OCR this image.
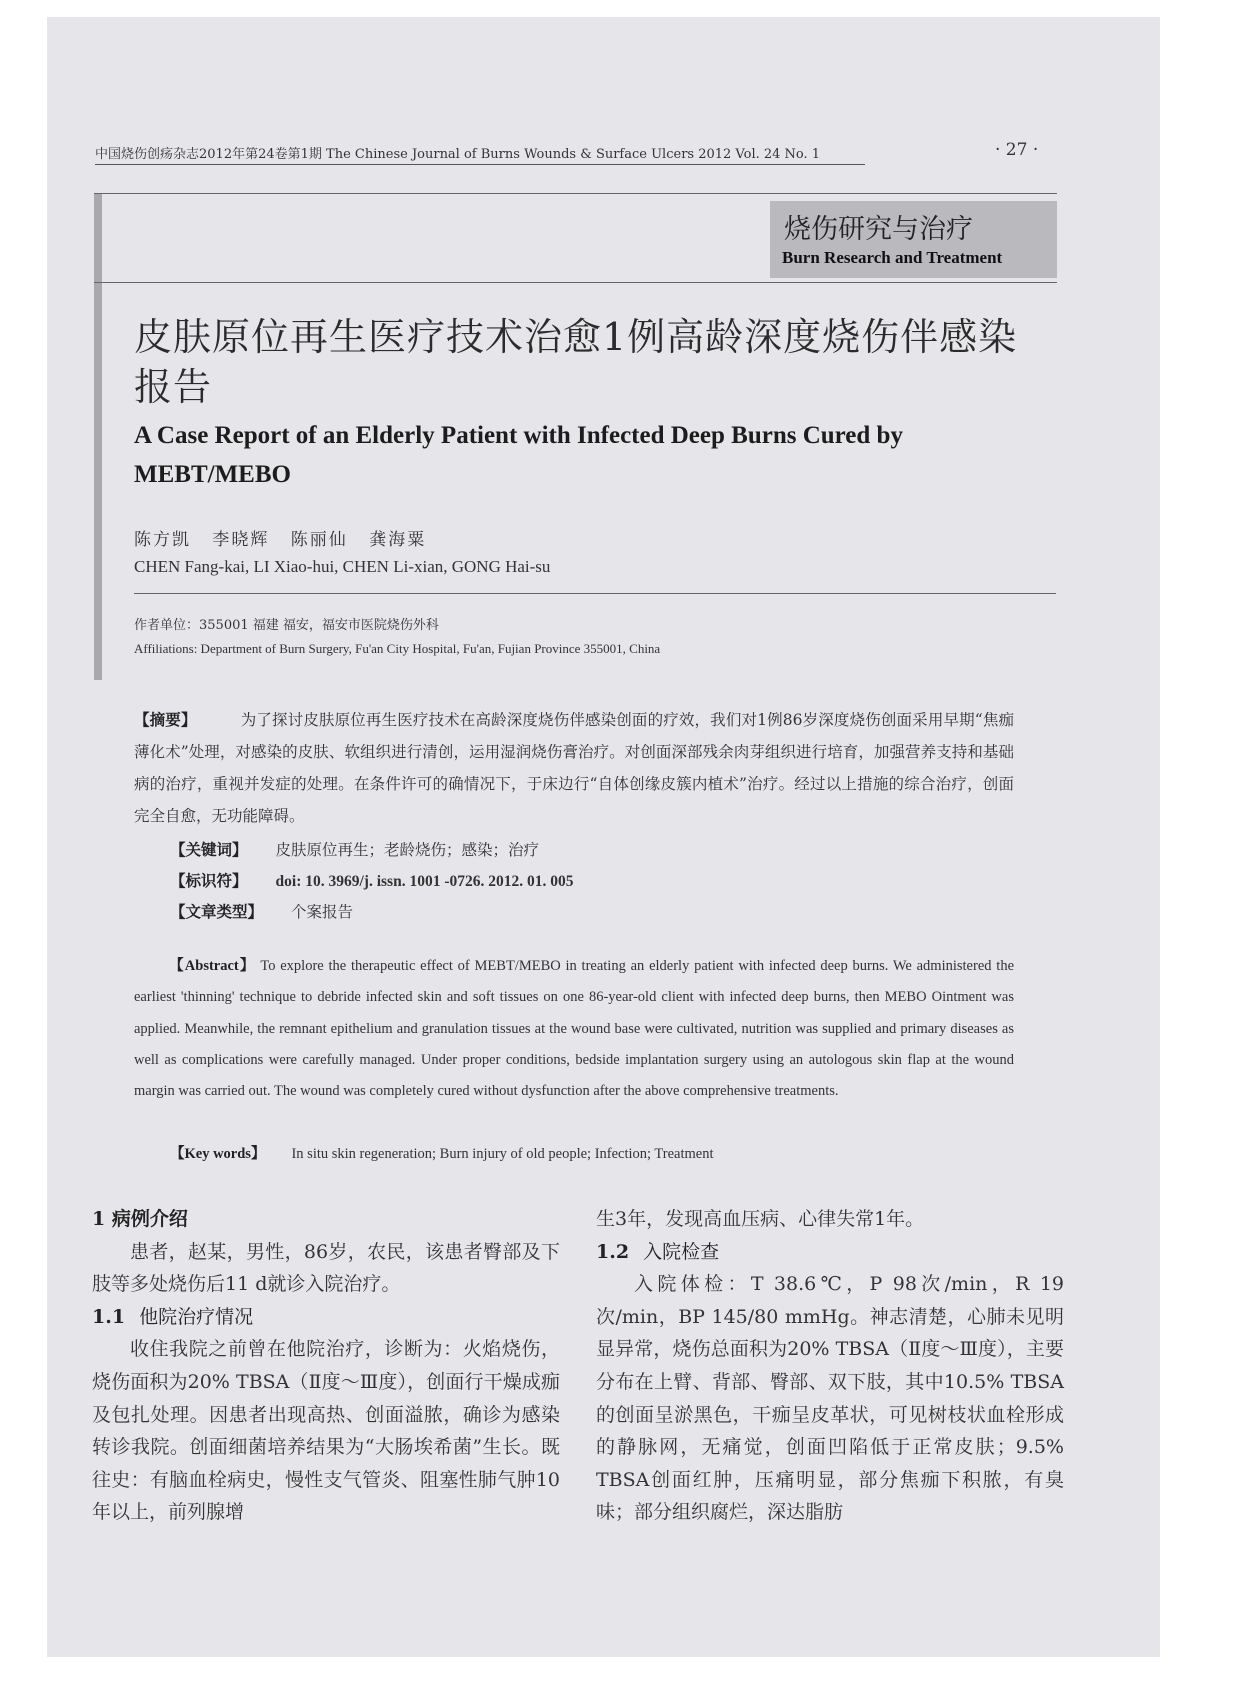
中国烧伤创疡杂志2012年第24卷第1期 The Chinese Journal of Burns Wounds & Surface Ulcers 2012 Vol. 24 No. 1	· 27 ·
烧伤研究与治疗
Burn Research and Treatment
皮肤原位再生医疗技术治愈1例高龄深度烧伤伴感染报告
A Case Report of an Elderly Patient with Infected Deep Burns Cured by MEBT/MEBO
陈方凯 李晓辉 陈丽仙 龚海粟
CHEN Fang-kai, LI Xiao-hui, CHEN Li-xian, GONG Hai-su
作者单位：355001 福建 福安，福安市医院烧伤外科
Affiliations: Department of Burn Surgery, Fu'an City Hospital, Fu'an, Fujian Province 355001, China
【摘要】	为了探讨皮肤原位再生医疗技术在高龄深度烧伤伴感染创面的疗效，我们对1例86岁深度烧伤创面采用早期“焦痂薄化术”处理，对感染的皮肤、软组织进行清创，运用湿润烧伤膏治疗。对创面深部残余肉芽组织进行培育，加强营养支持和基础病的治疗，重视并发症的处理。在条件许可的确情况下，于床边行“自体创缘皮簇内植术”治疗。经过以上措施的综合治疗，创面完全自愈，无功能障碍。
【关键词】 皮肤原位再生；老龄烧伤；感染；治疗
【标识符】 doi: 10. 3969/j. issn. 1001 -0726. 2012. 01. 005
【文章类型】 个案报告
【Abstract】 To explore the therapeutic effect of MEBT/MEBO in treating an elderly patient with infected deep burns. We administered the earliest 'thinning' technique to debride infected skin and soft tissues on one 86-year-old client with infected deep burns, then MEBO Ointment was applied. Meanwhile, the remnant epithelium and granulation tissues at the wound base were cultivated, nutrition was supplied and primary diseases as well as complications were carefully managed. Under proper conditions, bedside implantation surgery using an autologous skin flap at the wound margin was carried out. The wound was completely cured without dysfunction after the above comprehensive treatments.
【Key words】 In situ skin regeneration; Burn injury of old people; Infection; Treatment
1 病例介绍

患者，赵某，男性，86岁，农民，该患者臀部及下肢等多处烧伤后11 d就诊入院治疗。

1.1 他院治疗情况

收住我院之前曾在他院治疗，诊断为：火焰烧伤，烧伤面积为20% TBSA（Ⅱ度～Ⅲ度），创面行干燥成痂及包扎处理。因患者出现高热、创面溢脓，确诊为感染转诊我院。创面细菌培养结果为“大肠埃希菌”生长。既往史：有脑血栓病史，慢性支气管炎、阻塞性肺气肿10年以上，前列腺增

生3年，发现高血压病、心律失常1年。
1.2 入院检查

入院体检：T 38.6℃，P 98次/min，R 19次/min，BP 145/80 mmHg。神志清楚，心肺未见明显异常，烧伤总面积为20% TBSA（Ⅱ度～Ⅲ度），主要分布在上臂、背部、臀部、双下肢，其中10.5% TBSA的创面呈淤黑色，干痂呈皮革状，可见树枝状血栓形成的静脉网，无痛觉，创面凹陷低于正常皮肤；9.5% TBSA创面红肿，压痛明显，部分焦痂下积脓，有臭味；部分组织腐烂，深达脂肪
